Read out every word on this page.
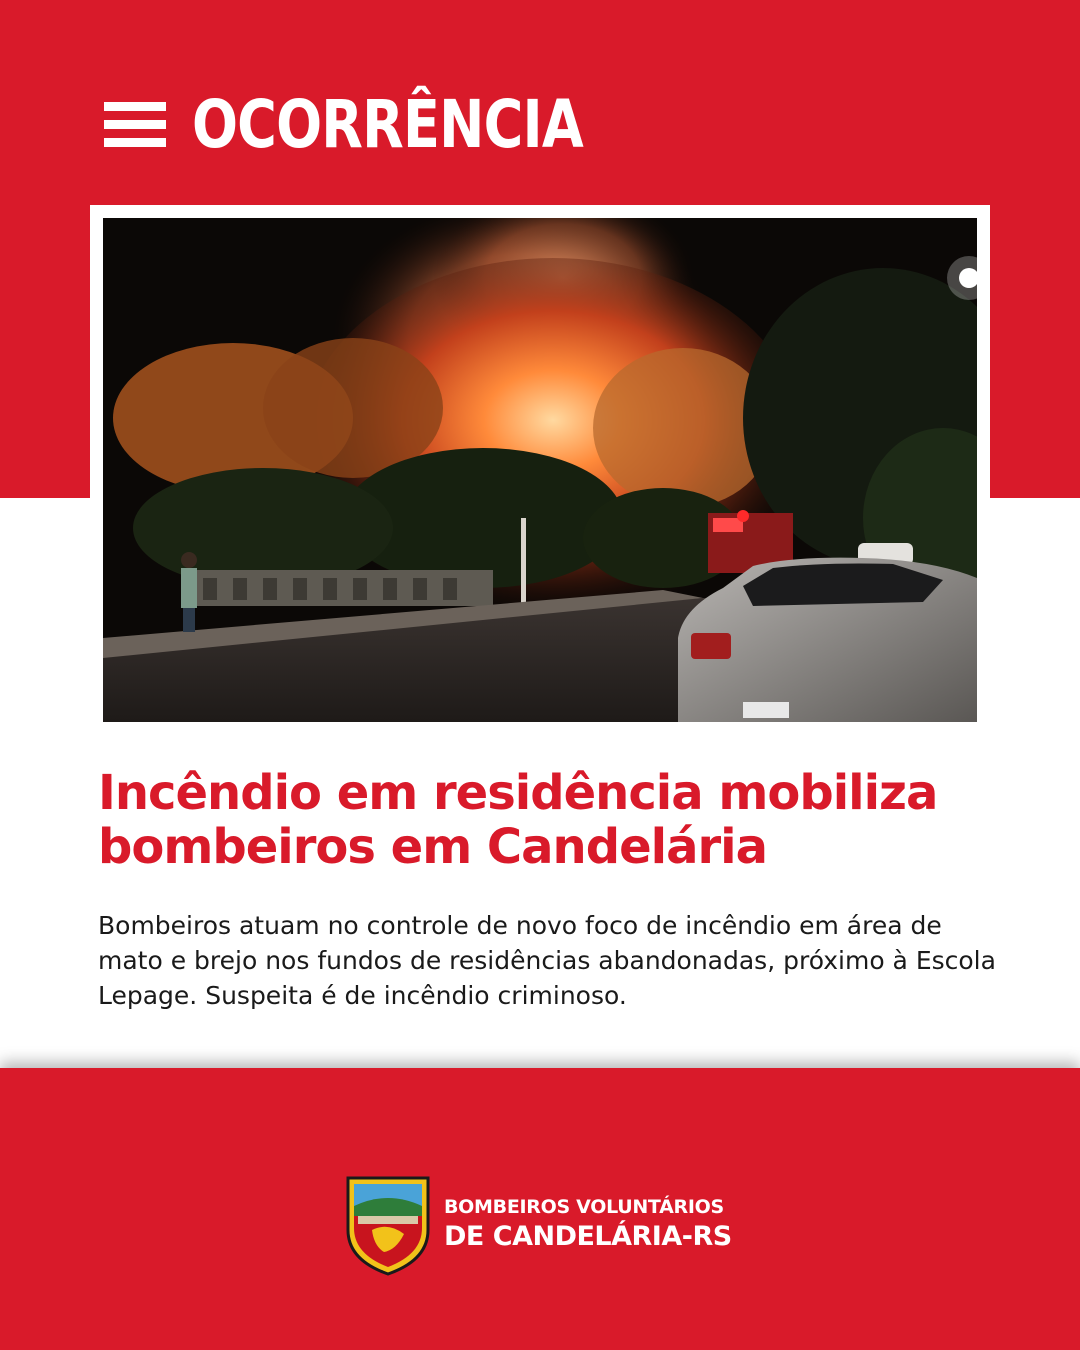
OCORRÊNCIA
Incêndio em residência mobiliza
bombeiros em Candelária

Bombeiros atuam no controle de novo foco de incêndio em área de mato e brejo nos fundos de residências abandonadas, próximo à Escola Lepage. Suspeita é de incêndio criminoso.

BOMBEIROS VOLUNTÁRIOS
DE CANDELÁRIA-RS
